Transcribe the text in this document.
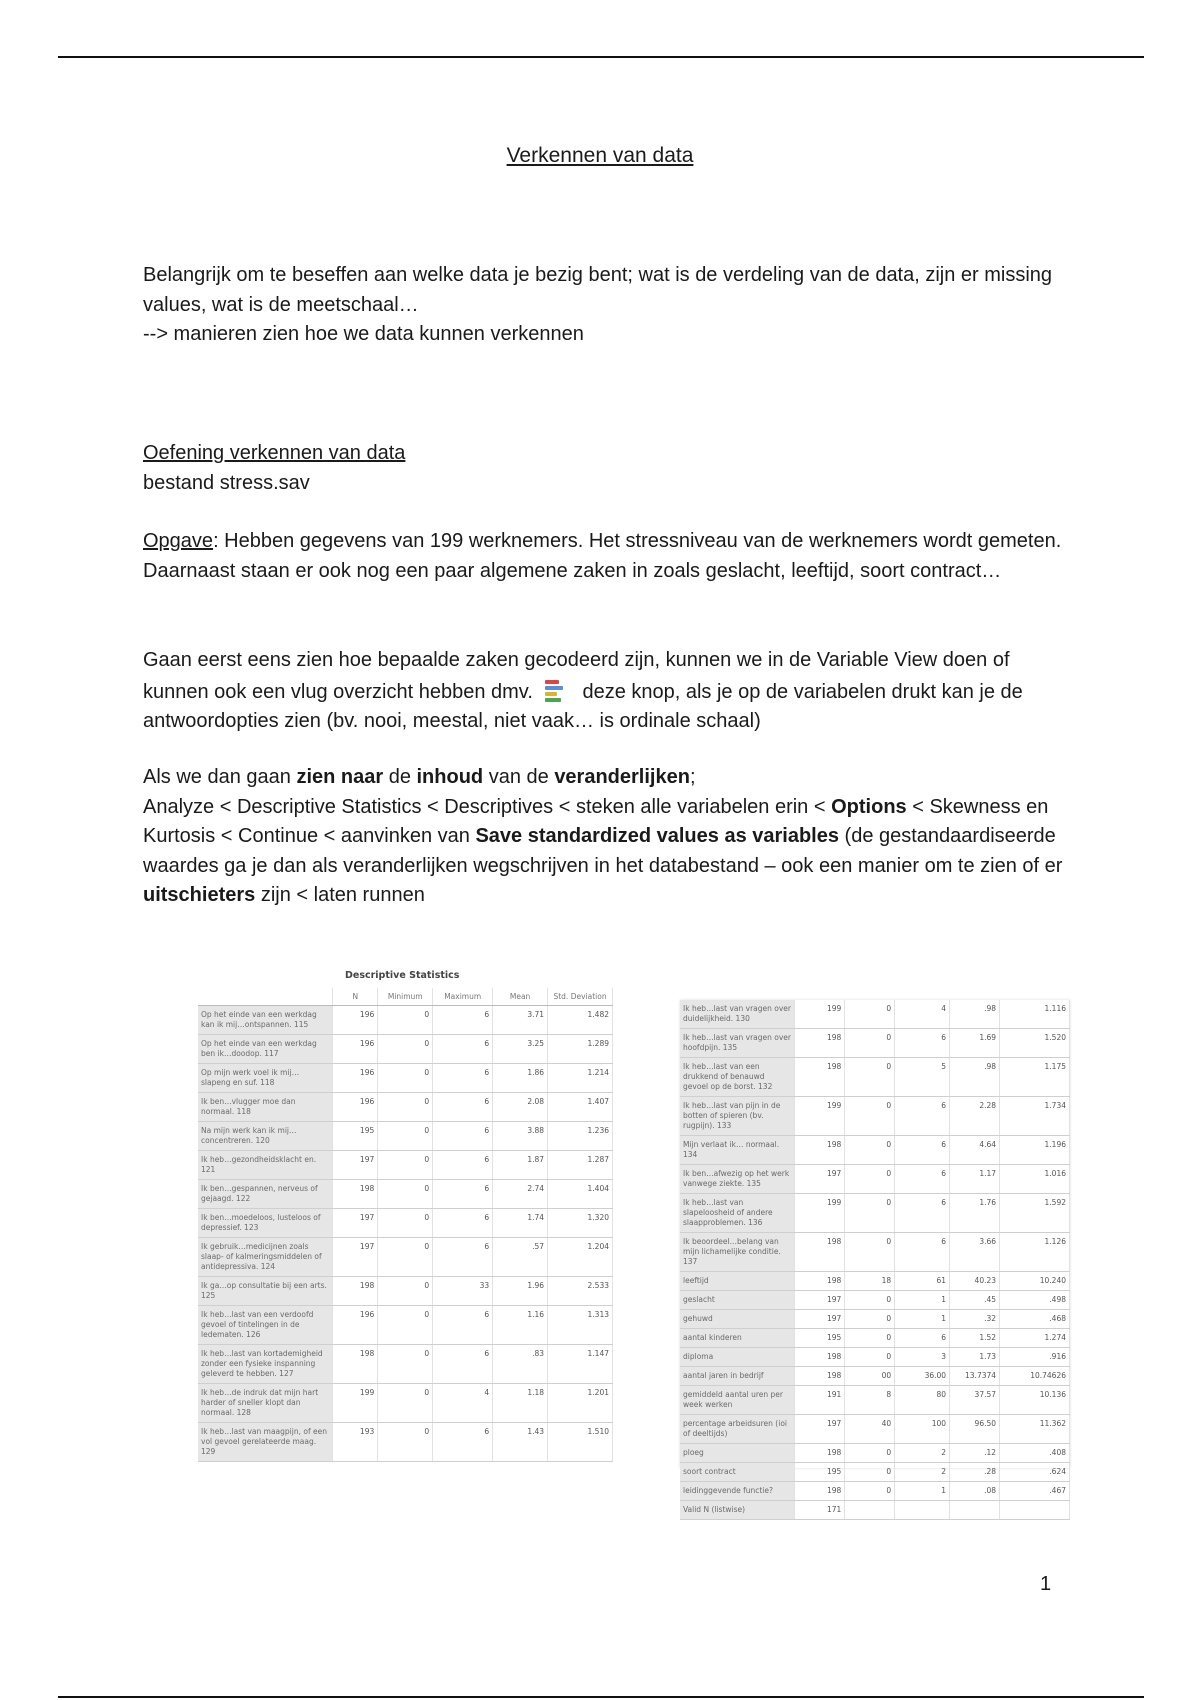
Verkennen van data

Belangrijk om te beseffen aan welke data je bezig bent; wat is de verdeling van de data, zijn er missing values, wat is de meetschaal…
--> manieren zien hoe we data kunnen verkennen

Oefening verkennen van data
bestand stress.sav

Opgave: Hebben gegevens van 199 werknemers. Het stressniveau van de werknemers wordt gemeten. Daarnaast staan er ook nog een paar algemene zaken in zoals geslacht, leeftijd, soort contract…

Gaan eerst eens zien hoe bepaalde zaken gecodeerd zijn, kunnen we in de Variable View doen of kunnen ook een vlug overzicht hebben dmv.
deze knop, als je op de variabelen drukt kan je de antwoordopties zien (bv. nooi, meestal, niet vaak… is ordinale schaal)

Als we dan gaan zien naar de inhoud van de veranderlijken;
Analyze < Descriptive Statistics < Descriptives < steken alle variabelen erin < Options < Skewness en Kurtosis < Continue < aanvinken van Save standardized values as variables (de gestandaardiseerde waardes ga je dan als veranderlijken wegschrijven in het databestand – ook een manier om te zien of er uitschieters zijn < laten runnen

Descriptive Statistics
	N	Minimum	Maximum	Mean	Std. Deviation
Op het einde van een werkdag kan ik mij…ontspannen. 115	196	0	6	3.71	1.482
Op het einde van een werkdag ben ik…doodop. 117	196	0	6	3.25	1.289
Op mijn werk voel ik mij… slapeng en suf. 118	196	0	6	1.86	1.214
Ik ben…vlugger moe dan normaal. 118	196	0	6	2.08	1.407
Na mijn werk kan ik mij…concentreren. 120	195	0	6	3.88	1.236
Ik heb…gezondheidsklacht en. 121	197	0	6	1.87	1.287
Ik ben…gespannen, nerveus of gejaagd. 122	198	0	6	2.74	1.404
Ik ben…moedeloos, lusteloos of depressief. 123	197	0	6	1.74	1.320
Ik gebruik…medicijnen zoals slaap- of kalmeringsmiddelen of antidepressiva. 124	197	0	6	.57	1.204
Ik ga…op consultatie bij een arts. 125	198	0	33	1.96	2.533
Ik heb…last van een verdoofd gevoel of tintelingen in de ledematen. 126	196	0	6	1.16	1.313
Ik heb…last van kortademigheid zonder een fysieke inspanning geleverd te hebben. 127	198	0	6	.83	1.147
Ik heb…de indruk dat mijn hart harder of sneller klopt dan normaal. 128	199	0	4	1.18	1.201
Ik heb…last van maagpijn, of een vol gevoel gerelateerde maag. 129	193	0	6	1.43	1.510
Ik heb…last van vragen over duidelijkheid. 130	199	0	4	.98	1.116
Ik heb…last van vragen over hoofdpijn. 135	198	0	6	1.69	1.520
Ik heb…last van een drukkend of benauwd gevoel op de borst. 132	198	0	5	.98	1.175
Ik heb…last van pijn in de botten of spieren (bv. rugpijn). 133	199	0	6	2.28	1.734
Mijn verlaat ik… normaal. 134	198	0	6	4.64	1.196
Ik ben…afwezig op het werk vanwege ziekte. 135	197	0	6	1.17	1.016
Ik heb…last van slapeloosheid of andere slaapproblemen. 136	199	0	6	1.76	1.592
Ik beoordeel…belang van mijn lichamelijke conditie. 137	198	0	6	3.66	1.126
leeftijd	198	18	61	40.23	10.240
geslacht	197	0	1	.45	.498
gehuwd	197	0	1	.32	.468
aantal kinderen	195	0	6	1.52	1.274
diploma	198	0	3	1.73	.916
aantal jaren in bedrijf	198	00	36.00	13.7374	10.74626
gemiddeld aantal uren per week werken	191	8	80	37.57	10.136
percentage arbeidsuren (ioi of deeltijds)	197	40	100	96.50	11.362
ploeg	198	0	2	.12	.408
soort contract	195	0	2	.28	.624
leidinggevende functie?	198	0	1	.08	.467
Valid N (listwise)	171				
1
